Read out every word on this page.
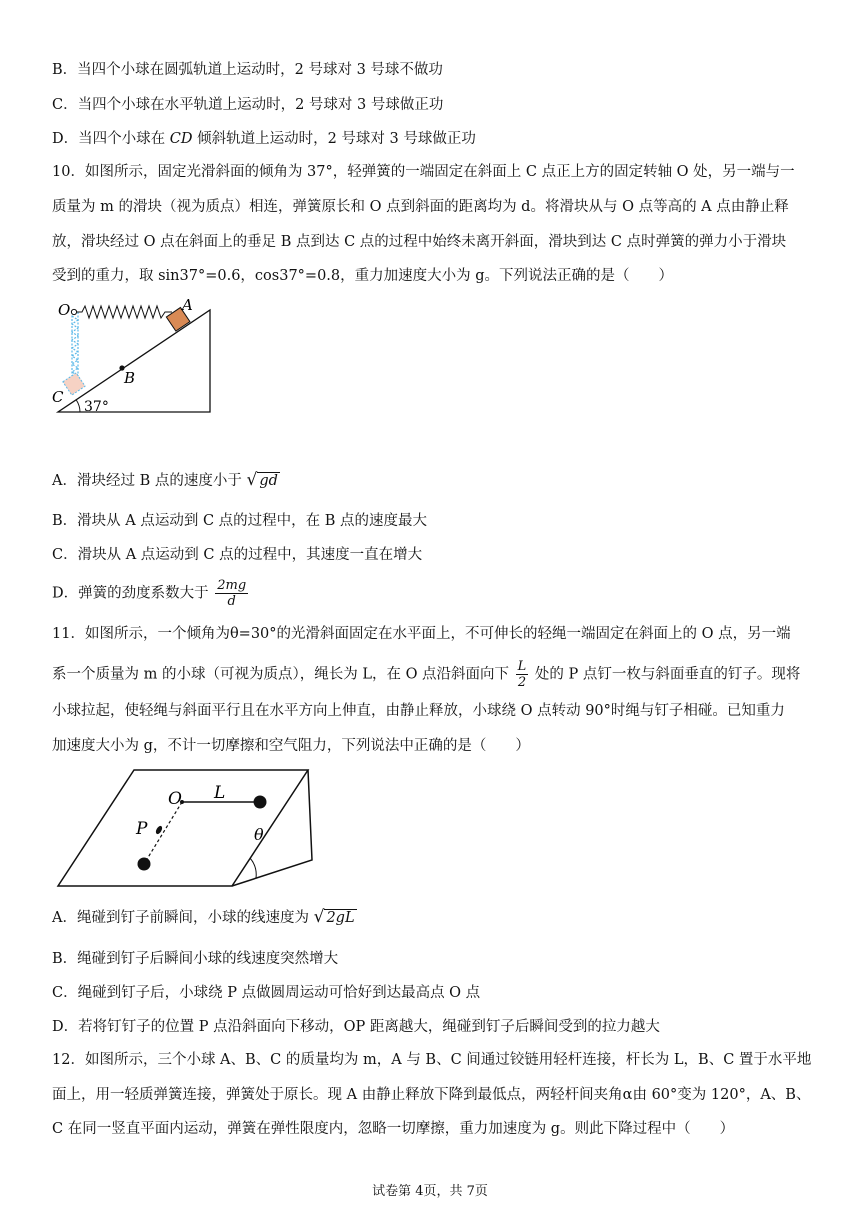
B．当四个小球在圆弧轨道上运动时，2 号球对 3 号球不做功
C．当四个小球在水平轨道上运动时，2 号球对 3 号球做正功
D．当四个小球在 CD 倾斜轨道上运动时，2 号球对 3 号球做正功
10．如图所示，固定光滑斜面的倾角为 37°，轻弹簧的一端固定在斜面上 C 点正上方的固定转轴 O 处，另一端与一
质量为 m 的滑块（视为质点）相连，弹簧原长和 O 点到斜面的距离均为 d。将滑块从与 O 点等高的 A 点由静止释
放，滑块经过 O 点在斜面上的垂足 B 点到达 C 点的过程中始终未离开斜面，滑块到达 C 点时弹簧的弹力小于滑块
受到的重力，取 sin37°=0.6，cos37°=0.8，重力加速度大小为 g。下列说法正确的是（　　）
O	A
B
C
37°
A．滑块经过 B 点的速度小于 √ gd
B．滑块从 A 点运动到 C 点的过程中，在 B 点的速度最大
C．滑块从 A 点运动到 C 点的过程中，其速度一直在增大
D．弹簧的劲度系数大于 $\frac{2mg}{d}$
11．如图所示，一个倾角为θ=30°的光滑斜面固定在水平面上，不可伸长的轻绳一端固定在斜面上的 O 点，另一端
系一个质量为 m 的小球（可视为质点），绳长为 L，在 O 点沿斜面向下 $\frac{L}{2}$ 处的 P 点钉一枚与斜面垂直的钉子。现将
小球拉起，使轻绳与斜面平行且在水平方向上伸直，由静止释放，小球绕 O 点转动 90°时绳与钉子相碰。已知重力
加速度大小为 g，不计一切摩擦和空气阻力，下列说法中正确的是（　　）
O L
P	θ
A．绳碰到钉子前瞬间，小球的线速度为 √ 2gL
B．绳碰到钉子后瞬间小球的线速度突然增大
C．绳碰到钉子后，小球绕 P 点做圆周运动可恰好到达最高点 O 点
D．若将钉钉子的位置 P 点沿斜面向下移动，OP 距离越大，绳碰到钉子后瞬间受到的拉力越大
12．如图所示，三个小球 A、B、C 的质量均为 m，A 与 B、C 间通过铰链用轻杆连接，杆长为 L，B、C 置于水平地
面上，用一轻质弹簧连接，弹簧处于原长。现 A 由静止释放下降到最低点，两轻杆间夹角α由 60°变为 120°，A、B、
C 在同一竖直平面内运动，弹簧在弹性限度内，忽略一切摩擦，重力加速度为 g。则此下降过程中（　　）
试卷第 4页，共 7页
